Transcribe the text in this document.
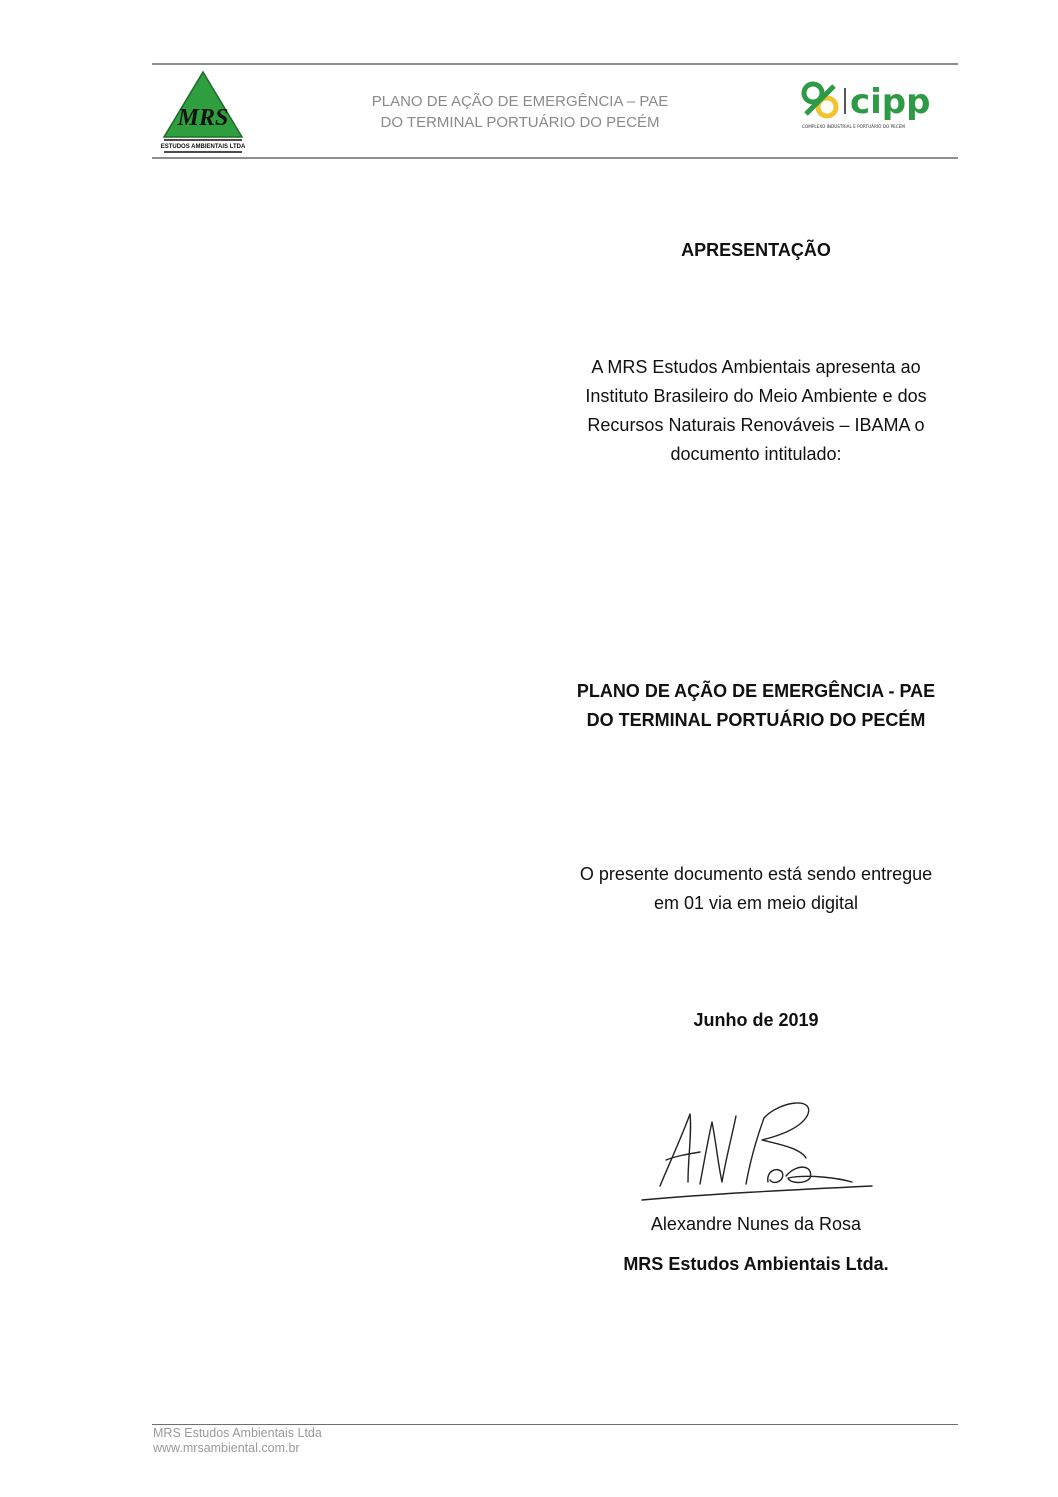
MRS
ESTUDOS AMBIENTAIS LTDA
PLANO DE AÇÃO DE EMERGÊNCIA – PAE
DO TERMINAL PORTUÁRIO DO PECÉM
cipp
COMPLEXO INDUSTRIAL E PORTUÁRIO DO PECÉM
APRESENTAÇÃO
A MRS Estudos Ambientais apresenta ao
Instituto Brasileiro do Meio Ambiente e dos
Recursos Naturais Renováveis – IBAMA o
documento intitulado:
PLANO DE AÇÃO DE EMERGÊNCIA - PAE
DO TERMINAL PORTUÁRIO DO PECÉM
O presente documento está sendo entregue
em 01 via em meio digital
Junho de 2019
Alexandre Nunes da Rosa
MRS Estudos Ambientais Ltda.
MRS Estudos Ambientais Ltda
www.mrsambiental.com.br
